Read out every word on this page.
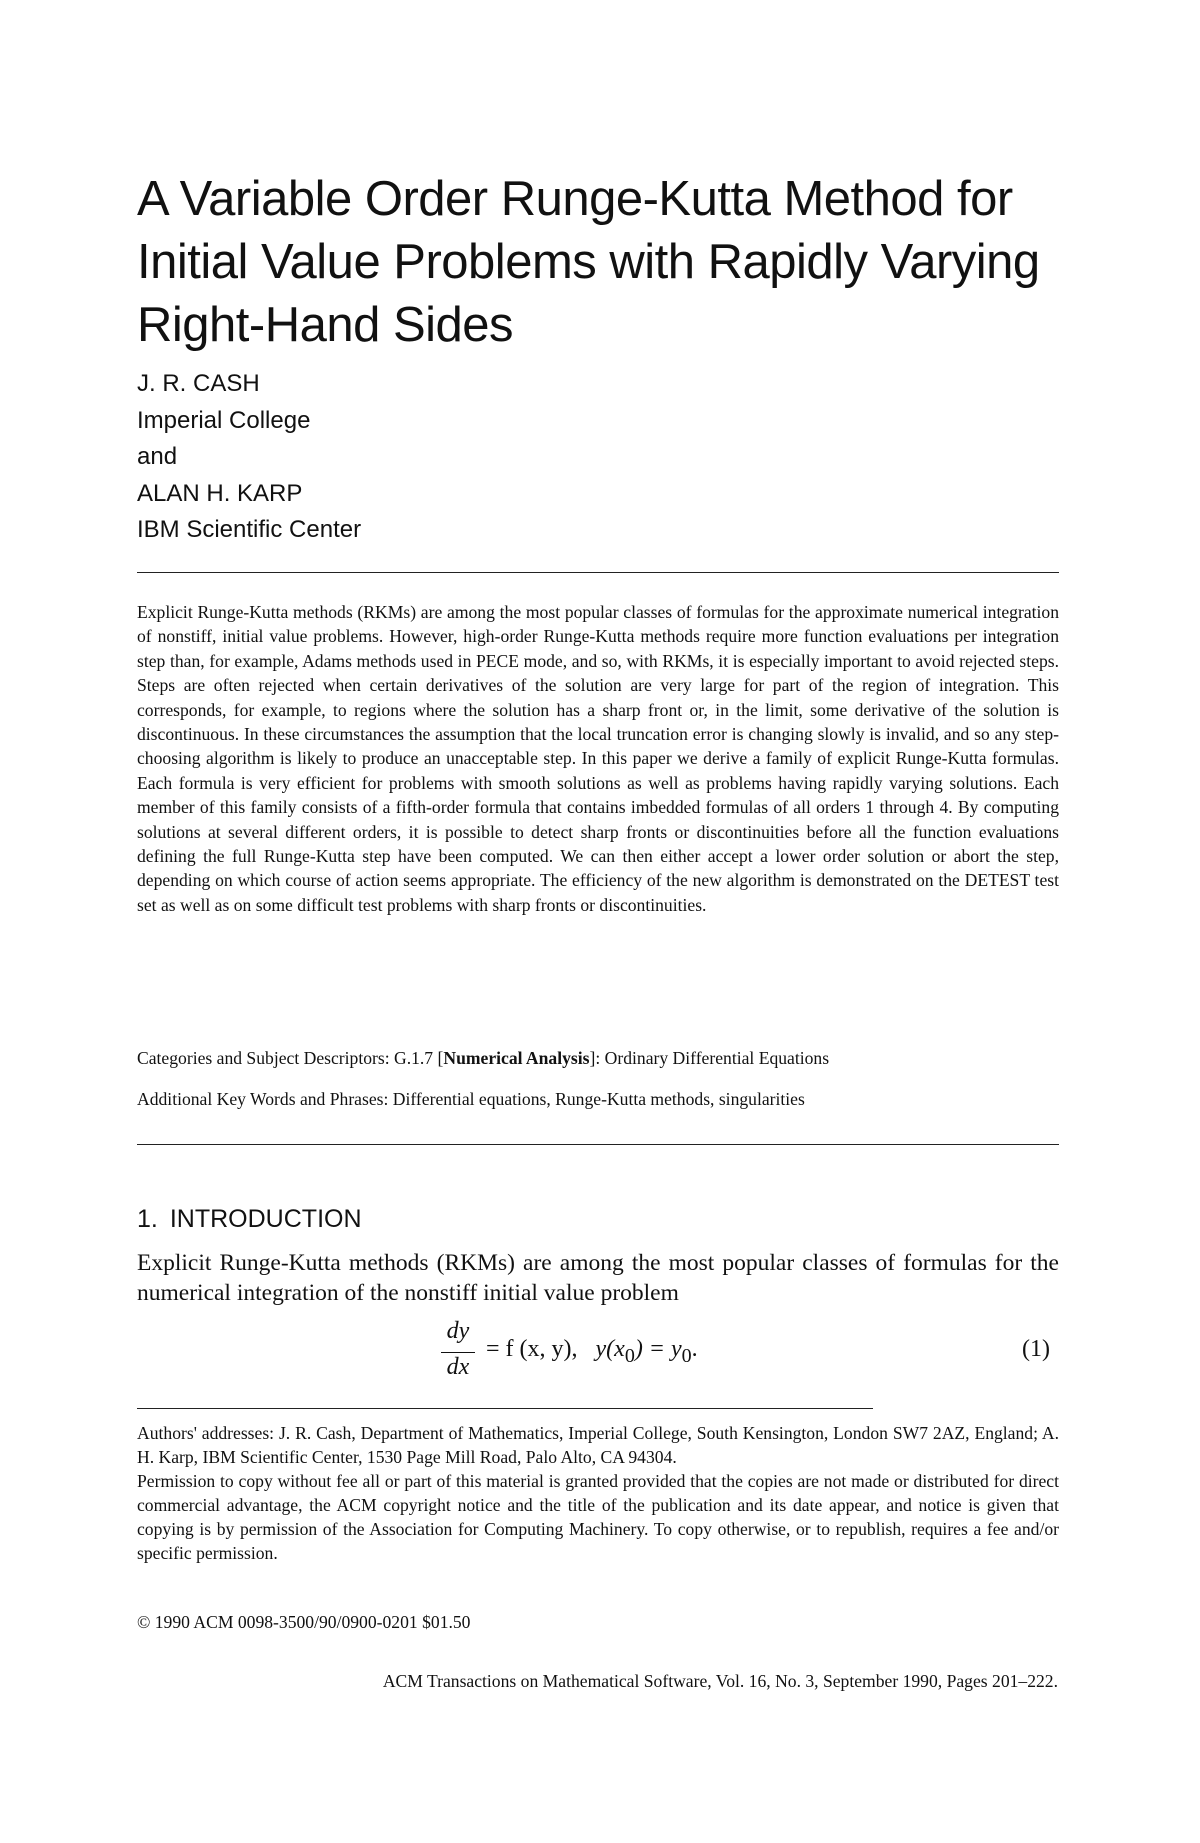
A Variable Order Runge-Kutta Method for
Initial Value Problems with Rapidly Varying
Right-Hand Sides
J. R. CASH
Imperial College
and
ALAN H. KARP
IBM Scientific Center

Explicit Runge-Kutta methods (RKMs) are among the most popular classes of formulas for the approximate numerical integration of nonstiff, initial value problems. However, high-order Runge-Kutta methods require more function evaluations per integration step than, for example, Adams methods used in PECE mode, and so, with RKMs, it is especially important to avoid rejected steps. Steps are often rejected when certain derivatives of the solution are very large for part of the region of integration. This corresponds, for example, to regions where the solution has a sharp front or, in the limit, some derivative of the solution is discontinuous. In these circumstances the assumption that the local truncation error is changing slowly is invalid, and so any step-choosing algorithm is likely to produce an unacceptable step. In this paper we derive a family of explicit Runge-Kutta formulas. Each formula is very efficient for problems with smooth solutions as well as problems having rapidly varying solutions. Each member of this family consists of a fifth-order formula that contains imbedded formulas of all orders 1 through 4. By computing solutions at several different orders, it is possible to detect sharp fronts or discontinuities before all the function evaluations defining the full Runge-Kutta step have been computed. We can then either accept a lower order solution or abort the step, depending on which course of action seems appropriate. The efficiency of the new algorithm is demonstrated on the DETEST test set as well as on some difficult test problems with sharp fronts or discontinuities.

Categories and Subject Descriptors: G.1.7 [Numerical Analysis]: Ordinary Differential Equations
Additional Key Words and Phrases: Differential equations, Runge-Kutta methods, singularities
1. INTRODUCTION

Explicit Runge-Kutta methods (RKMs) are among the most popular classes of formulas for the numerical integration of the nonstiff initial value problem

dy
dx
= f (x, y), $y(x_0) = y_0$.	(1)

Authors' addresses: J. R. Cash, Department of Mathematics, Imperial College, South Kensington, London SW7 2AZ, England; A. H. Karp, IBM Scientific Center, 1530 Page Mill Road, Palo Alto, CA 94304.

Permission to copy without fee all or part of this material is granted provided that the copies are not made or distributed for direct commercial advantage, the ACM copyright notice and the title of the publication and its date appear, and notice is given that copying is by permission of the Association for Computing Machinery. To copy otherwise, or to republish, requires a fee and/or specific permission.

© 1990 ACM 0098-3500/90/0900-0201 $01.50
ACM Transactions on Mathematical Software, Vol. 16, No. 3, September 1990, Pages 201–222.
